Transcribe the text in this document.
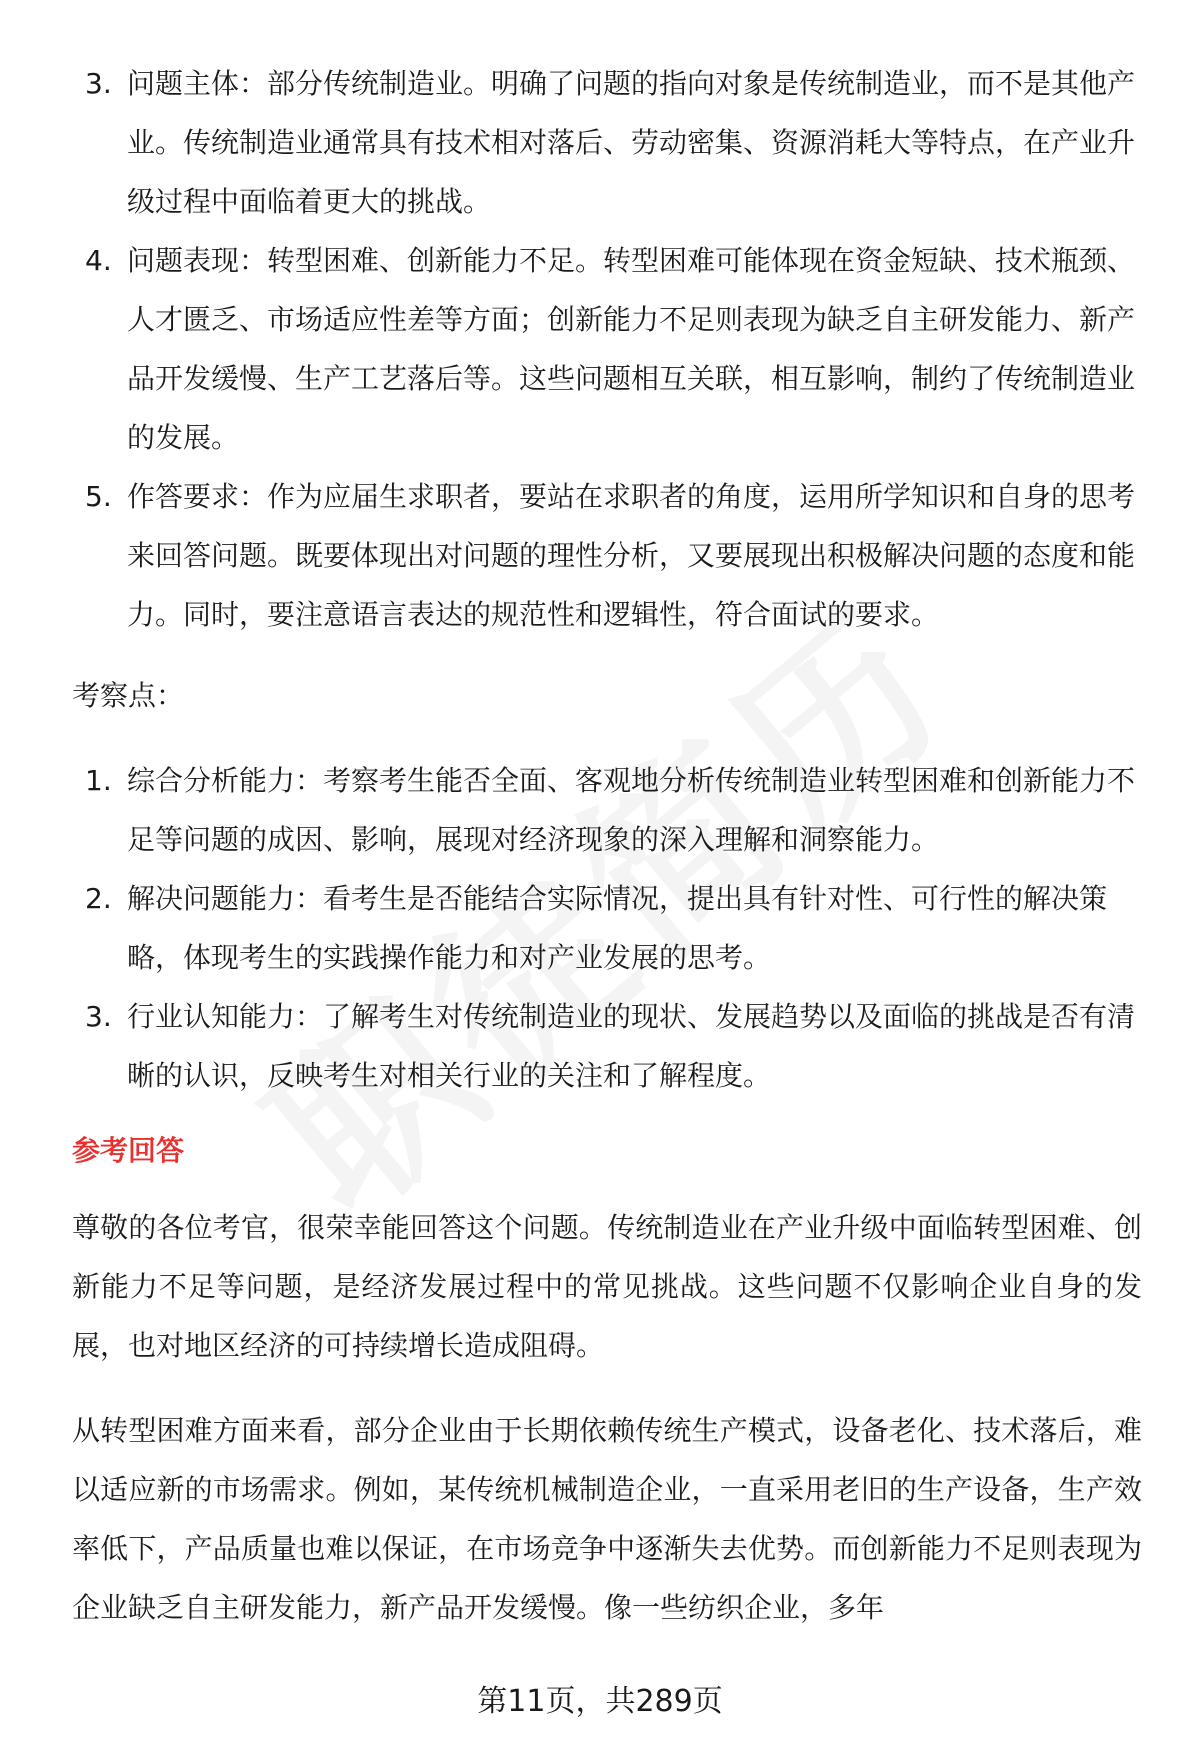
3. 问题主体：部分传统制造业。明确了问题的指向对象是传统制造业，而不是其他产业。传统制造业通常具有技术相对落后、劳动密集、资源消耗大等特点，在产业升级过程中面临着更大的挑战。
4. 问题表现：转型困难、创新能力不足。转型困难可能体现在资金短缺、技术瓶颈、人才匮乏、市场适应性差等方面；创新能力不足则表现为缺乏自主研发能力、新产品开发缓慢、生产工艺落后等。这些问题相互关联，相互影响，制约了传统制造业的发展。
5. 作答要求：作为应届生求职者，要站在求职者的角度，运用所学知识和自身的思考来回答问题。既要体现出对问题的理性分析，又要展现出积极解决问题的态度和能力。同时，要注意语言表达的规范性和逻辑性，符合面试的要求。
考察点：
1. 综合分析能力：考察考生能否全面、客观地分析传统制造业转型困难和创新能力不足等问题的成因、影响，展现对经济现象的深入理解和洞察能力。
2. 解决问题能力：看考生是否能结合实际情况，提出具有针对性、可行性的解决策略，体现考生的实践操作能力和对产业发展的思考。
3. 行业认知能力：了解考生对传统制造业的现状、发展趋势以及面临的挑战是否有清晰的认识，反映考生对相关行业的关注和了解程度。
参考回答

尊敬的各位考官，很荣幸能回答这个问题。传统制造业在产业升级中面临转型困难、创新能力不足等问题，是经济发展过程中的常见挑战。这些问题不仅影响企业自身的发展，也对地区经济的可持续增长造成阻碍。

从转型困难方面来看，部分企业由于长期依赖传统生产模式，设备老化、技术落后，难以适应新的市场需求。例如，某传统机械制造企业，一直采用老旧的生产设备，生产效率低下，产品质量也难以保证，在市场竞争中逐渐失去优势。而创新能力不足则表现为企业缺乏自主研发能力，新产品开发缓慢。像一些纺织企业，多年

第11页，共289页
